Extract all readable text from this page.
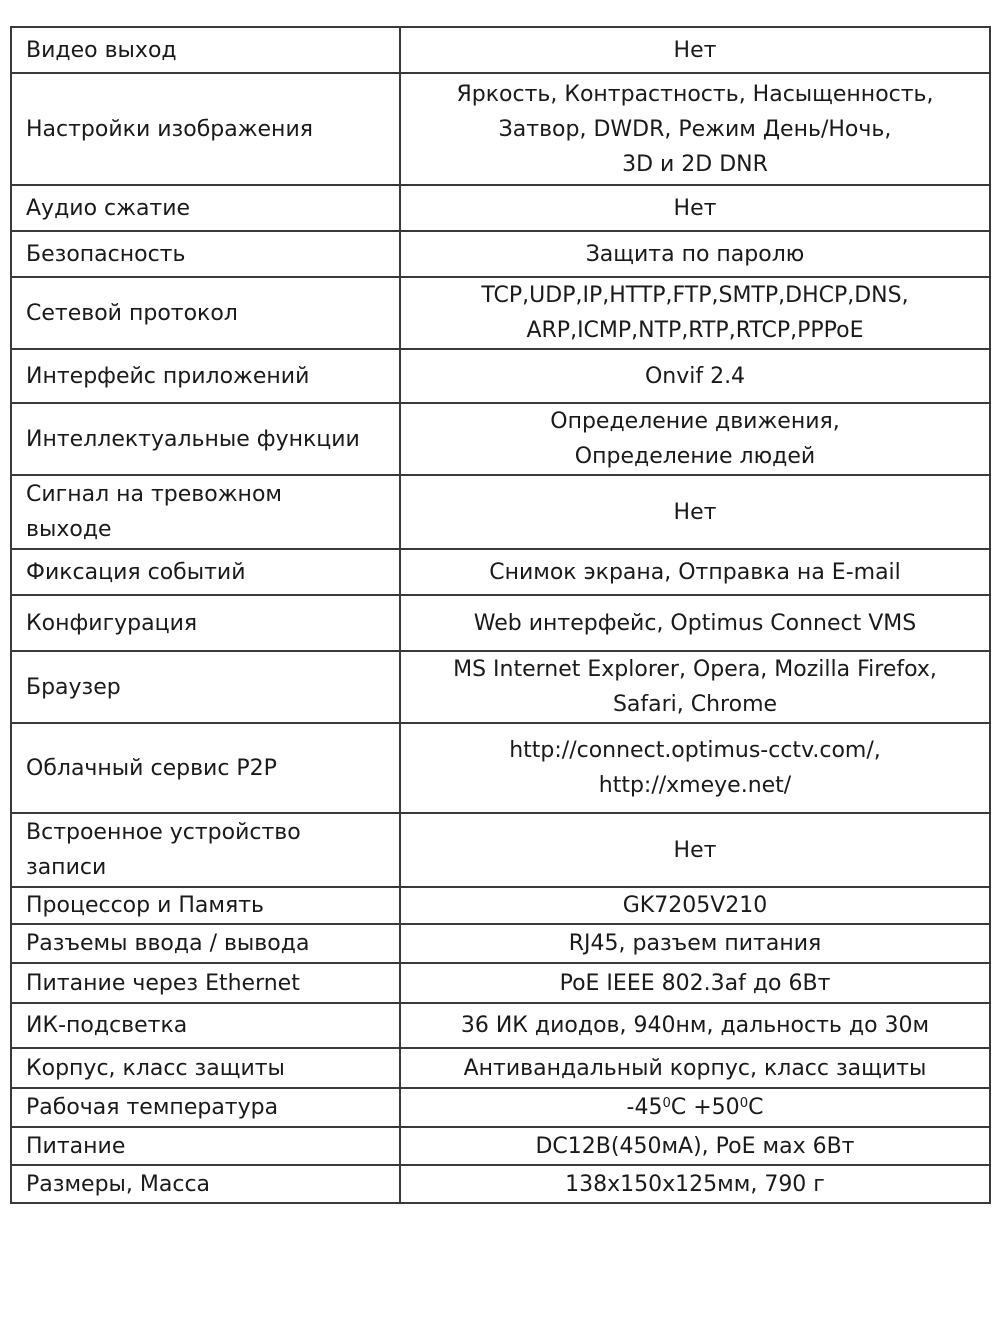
Видео выход	Нет
Настройки изображения	Яркость, Контрастность, Насыщенность,
Затвор, DWDR, Режим День/Ночь,
3D и 2D DNR
Аудио сжатие	Нет
Безопасность	Защита по паролю
Сетевой протокол	TCP,UDP,IP,HTTP,FTP,SMTP,DHCP,DNS,
ARP,ICMP,NTP,RTP,RTCP,PPPoE
Интерфейс приложений	Onvif 2.4
Интеллектуальные функции	Определение движения,
Определение людей
Сигнал на тревожном
выходе	Нет
Фиксация событий	Снимок экрана, Отправка на E-mail
Конфигурация	Web интерфейс, Optimus Connect VMS
Браузер	MS Internet Explorer, Opera, Mozilla Firefox,
Safari, Chrome
Облачный сервис P2P	http://connect.optimus-cctv.com/,
http://xmeye.net/
Встроенное устройство
записи	Нет
Процессор и Память	GK7205V210
Разъемы ввода / вывода	RJ45, разъем питания
Питание через Ethernet	PoE IEEE 802.3af до 6Вт
ИК-подсветка	36 ИК диодов, 940нм, дальность до 30м
Корпус, класс защиты	Антивандальный корпус, класс защиты
Рабочая температура	$-45^0C +50^0C$
Питание	DC12B(450мА), PoE мах 6Вт
Размеры, Масса	138х150х125мм, 790 г
